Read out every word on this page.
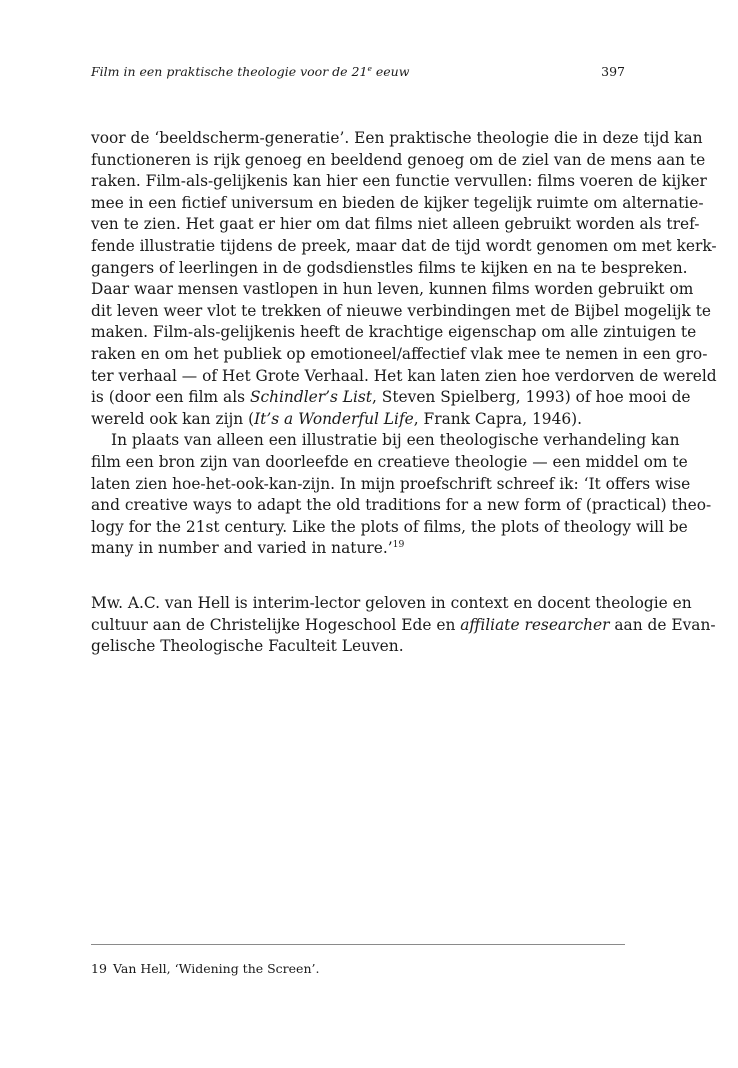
Film in een praktische theologie voor de 21e eeuw	397
voor de ‘beeldscherm-generatie’. Een praktische theologie die in deze tijd kan
functioneren is rijk genoeg en beeldend genoeg om de ziel van de mens aan te
raken. Film-als-gelijkenis kan hier een functie vervullen: films voeren de kijker
mee in een fictief universum en bieden de kijker tegelijk ruimte om alternatie-
ven te zien. Het gaat er hier om dat films niet alleen gebruikt worden als tref-
fende illustratie tijdens de preek, maar dat de tijd wordt genomen om met kerk-
gangers of leerlingen in de godsdienstles films te kijken en na te bespreken.
Daar waar mensen vastlopen in hun leven, kunnen films worden gebruikt om
dit leven weer vlot te trekken of nieuwe verbindingen met de Bijbel mogelijk te
maken. Film-als-gelijkenis heeft de krachtige eigenschap om alle zintuigen te
raken en om het publiek op emotioneel/affectief vlak mee te nemen in een gro-
ter verhaal — of Het Grote Verhaal. Het kan laten zien hoe verdorven de wereld
is (door een film als Schindler’s List, Steven Spielberg, 1993) of hoe mooi de
wereld ook kan zijn (It’s a Wonderful Life, Frank Capra, 1946).
In plaats van alleen een illustratie bij een theologische verhandeling kan
film een bron zijn van doorleefde en creatieve theologie — een middel om te
laten zien hoe-het-ook-kan-zijn. In mijn proefschrift schreef ik: ‘It offers wise
and creative ways to adapt the old traditions for a new form of (practical) theo-
logy for the 21st century. Like the plots of films, the plots of theology will be
many in number and varied in nature.’$^{19}$
Mw. A.C. van Hell is interim-lector geloven in context en docent theologie en
cultuur aan de Christelijke Hogeschool Ede en affiliate researcher aan de Evan-
gelische Theologische Faculteit Leuven.
19 Van Hell, ‘Widening the Screen’.
